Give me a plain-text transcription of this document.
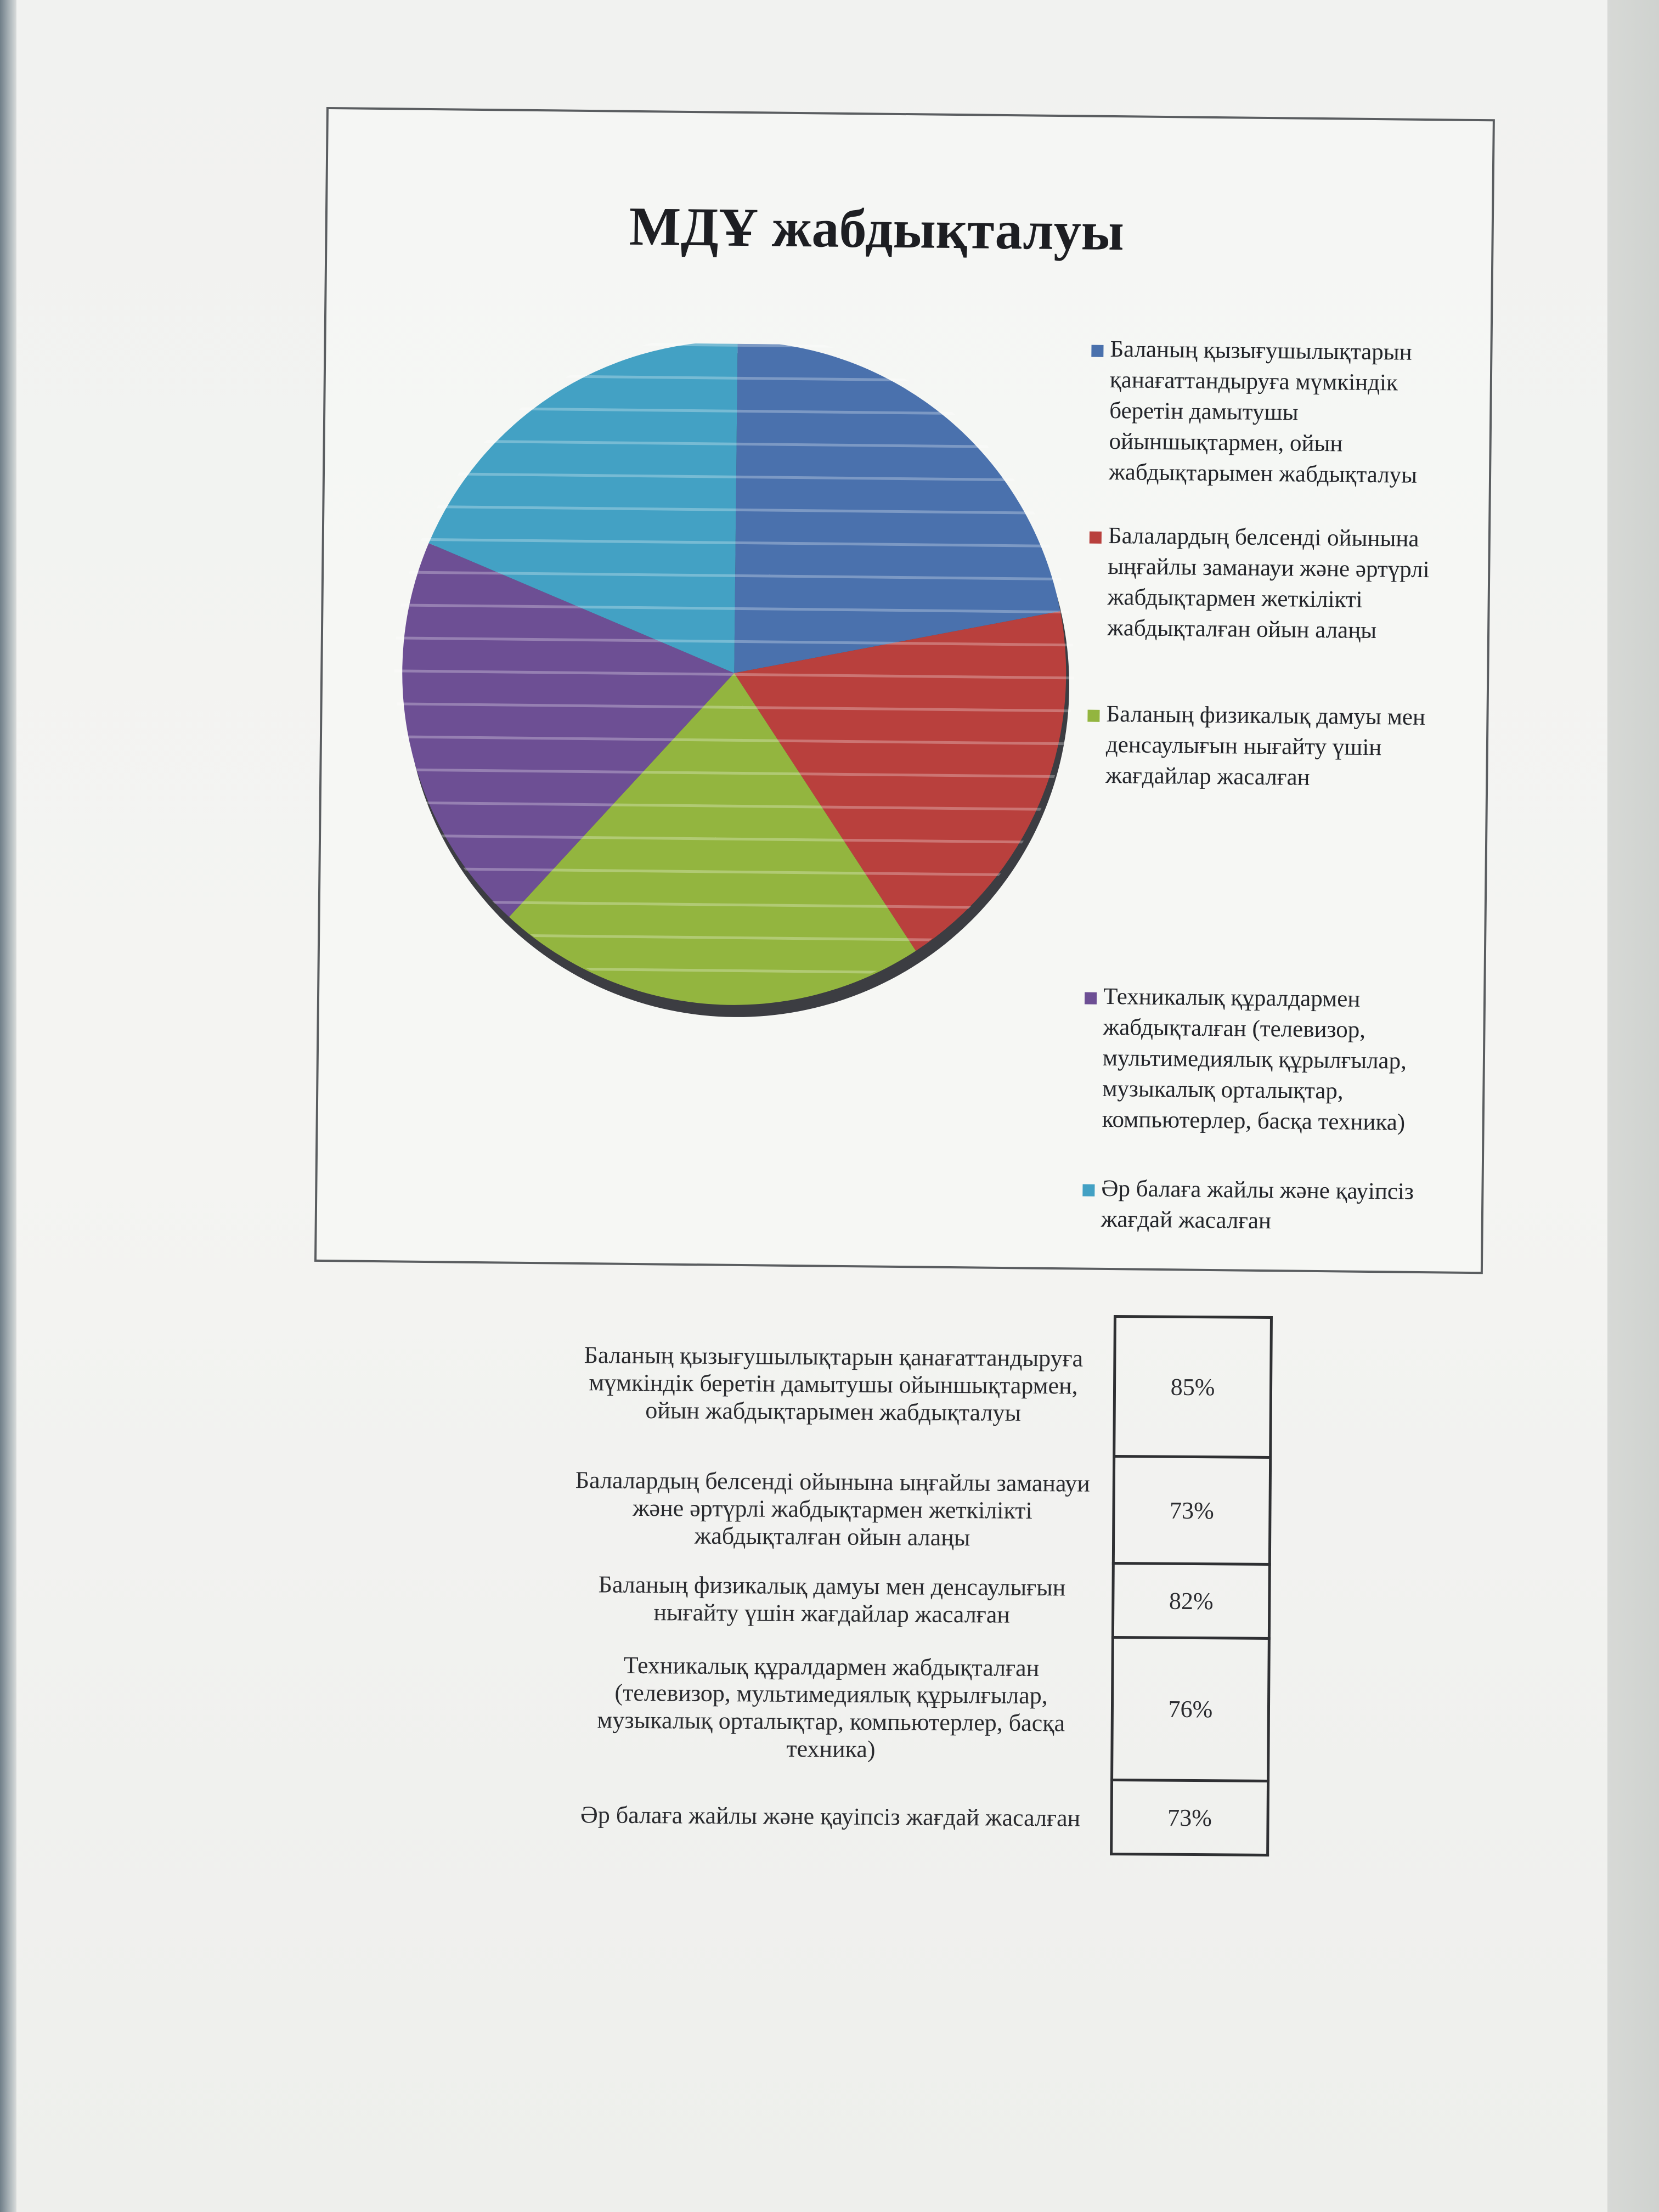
МДҰ жабдықталуы
Баланың қызығушылықтарын қанағаттандыруға мүмкіндік беретін дамытушы ойыншықтармен, ойын жабдықтарымен жабдықталуы
Балалардың белсенді ойынына ыңғайлы заманауи және әртүрлі жабдықтармен жеткілікті жабдықталған ойын алаңы
Баланың физикалық дамуы мен денсаулығын нығайту үшін жағдайлар жасалған
Техникалық құралдармен жабдықталған (телевизор, мультимедиялық құрылғылар, музыкалық орталықтар, компьютерлер, басқа техника)
Әр балаға жайлы және қауіпсіз жағдай жасалған
Баланың қызығушылықтарын қанағаттандыруға мүмкіндік беретін дамытушы ойыншықтармен, ойын жабдықтарымен жабдықталуы
85%
Балалардың белсенді ойынына ыңғайлы заманауи және әртүрлі жабдықтармен жеткілікті жабдықталған ойын алаңы
73%
Баланың физикалық дамуы мен денсаулығын нығайту үшін жағдайлар жасалған	82%
Техникалық құралдармен жабдықталған (телевизор, мультимедиялық құрылғылар, музыкалық орталықтар, компьютерлер, басқа техника)
76%
Әр балаға жайлы және қауіпсіз жағдай жасалған	73%
